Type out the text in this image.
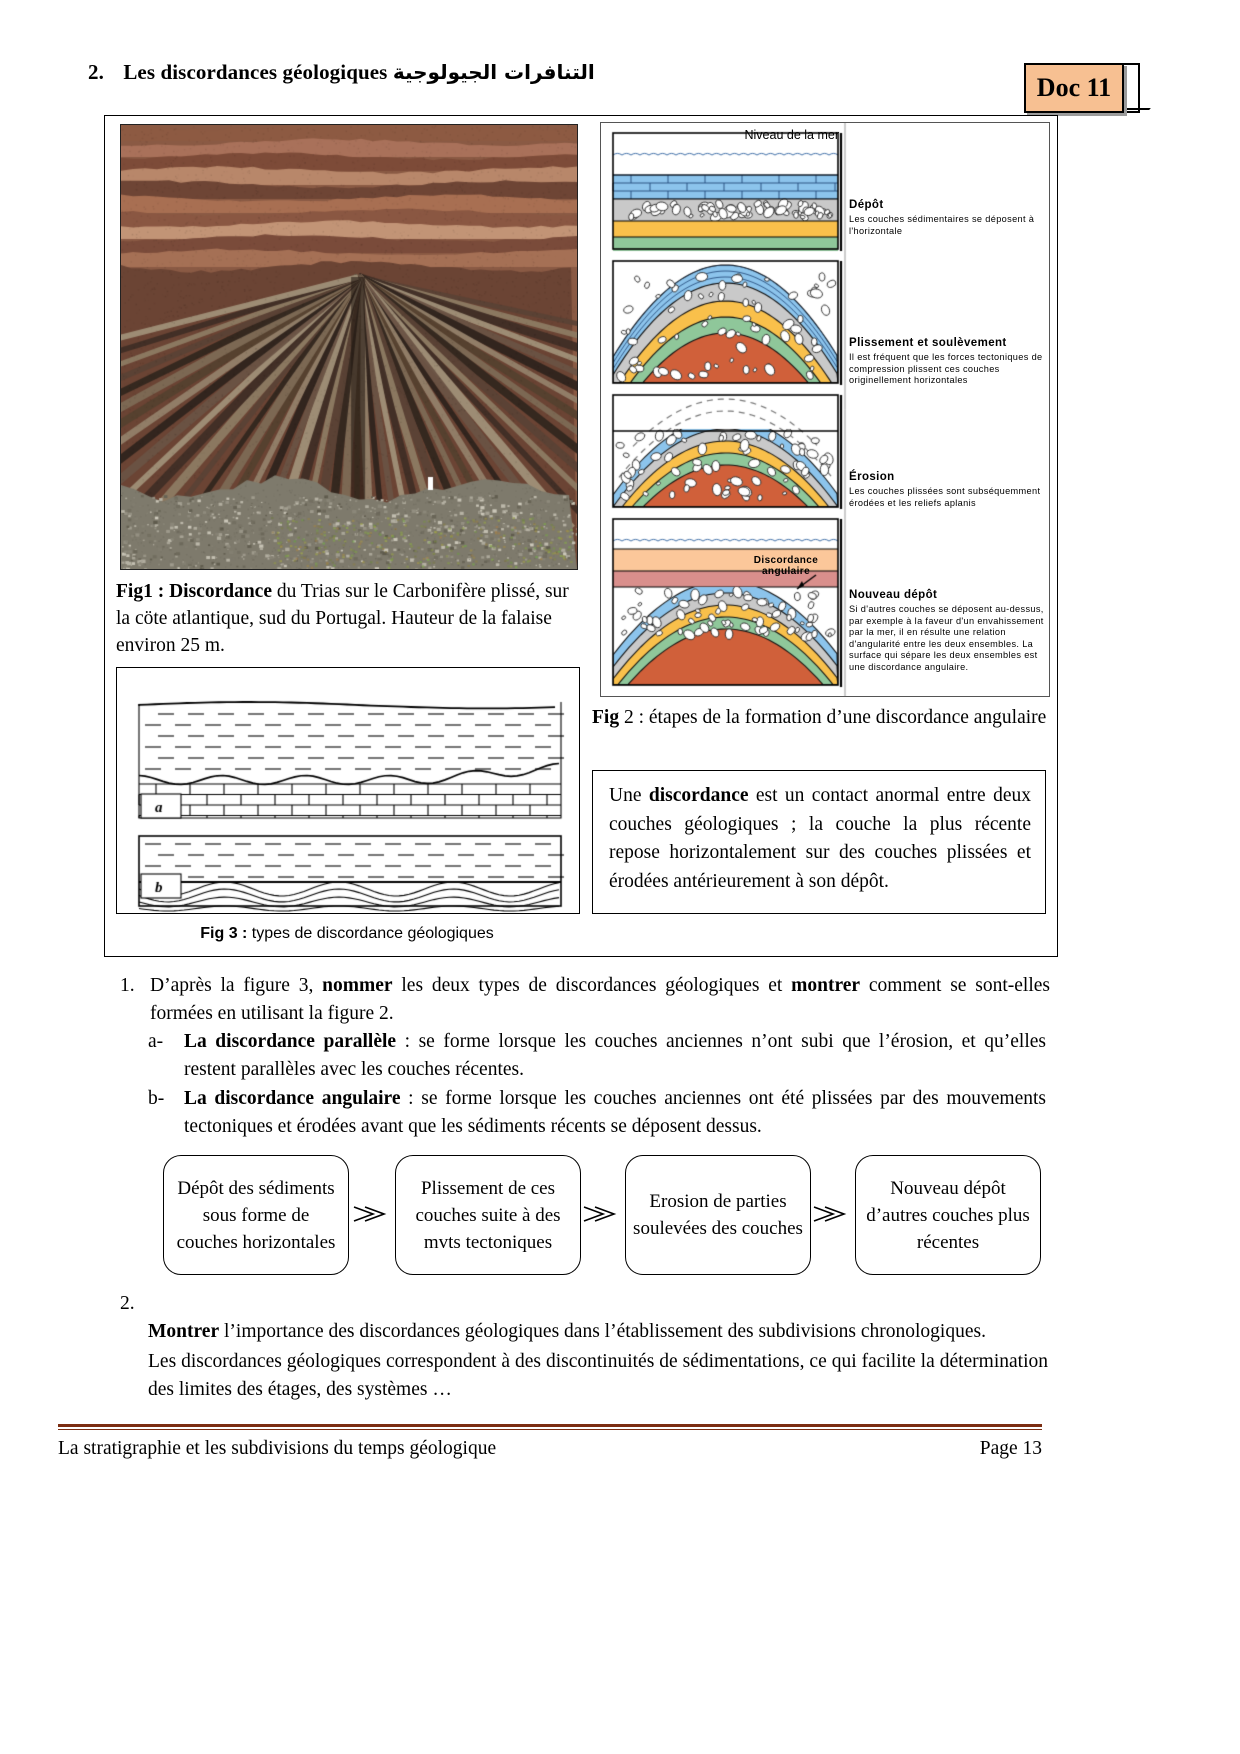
2. Les discordances géologiques التنافرات الجيولوجية
Doc 11
Fig1 : Discordance du Trias sur le Carbonifère plissé, sur la cöte atlantique, sud du Portugal. Hauteur de la falaise environ 25 m.
Fig 3 : types de discordance géologiques
Dépôt
Les couches sédimentaires se déposent à l'horizontale
Plissement et soulèvement
Il est fréquent que les forces tectoniques de compression plissent ces couches originellement horizontales
Érosion
Les couches plissées sont subséquemment érodées et les reliefs aplanis
Nouveau dépôt
Si d'autres couches se déposent au-dessus, par exemple à la faveur d'un envahissement par la mer, il en résulte une relation d'angularité entre les deux ensembles. La surface qui sépare les deux ensembles est une discordance angulaire.
Discordance
angulaire
Niveau de la mer
Fig 2 : étapes de la formation d’une discordance angulaire

Une discordance est un contact anormal entre deux couches géologiques ; la couche la plus récente repose horizontalement sur des couches plissées et érodées antérieurement à son dépôt.

1. D’après la figure 3, nommer les deux types de discordances géologiques et montrer comment se sont-elles formées en utilisant la figure 2.
a- La discordance parallèle : se forme lorsque les couches anciennes n’ont subi que l’érosion, et qu’elles restent parallèles avec les couches récentes.
b- La discordance angulaire : se forme lorsque les couches anciennes ont été plissées par des mouvements tectoniques et érodées avant que les sédiments récents se déposent dessus.
Dépôt des sédiments sous forme de couches horizontales
Plissement de ces couches suite à des mvts tectoniques
Erosion de parties soulevées des couches
Nouveau dépôt d’autres couches plus récentes
2.
Montrer l’importance des discordances géologiques dans l’établissement des subdivisions chronologiques.
Les discordances géologiques correspondent à des discontinuités de sédimentations, ce qui facilite la détermination des limites des étages, des systèmes …
La stratigraphie et les subdivisions du temps géologique	Page 13
